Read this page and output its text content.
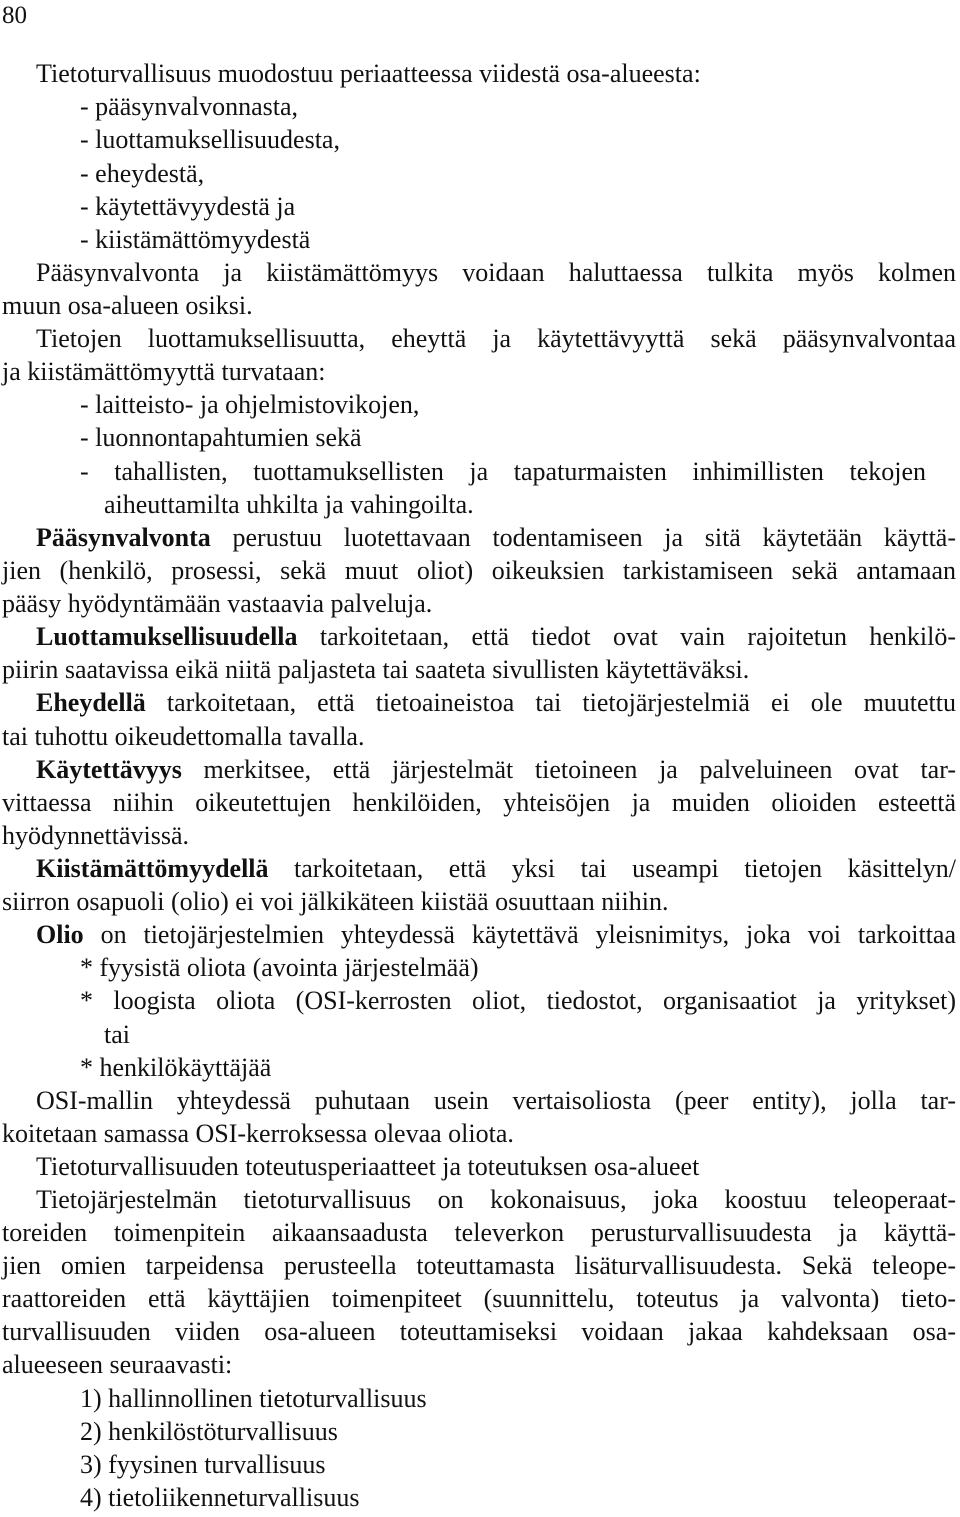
80
Tietoturvallisuus muodostuu periaatteessa viidestä osa-alueesta:
- pääsynvalvonnasta,
- luottamuksellisuudesta,
- eheydestä,
- käytettävyydestä ja
- kiistämättömyydestä
Pääsynvalvonta ja kiistämättömyys voidaan haluttaessa tulkita myös kolmen
muun osa-alueen osiksi.
Tietojen luottamuksellisuutta, eheyttä ja käytettävyyttä sekä pääsynvalvontaa
ja kiistämättömyyttä turvataan:
- laitteisto- ja ohjelmistovikojen,
- luonnontapahtumien sekä
- tahallisten, tuottamuksellisten ja tapaturmaisten inhimillisten tekojen
aiheuttamilta uhkilta ja vahingoilta.
Pääsynvalvonta perustuu luotettavaan todentamiseen ja sitä käytetään käyttä-
jien (henkilö, prosessi, sekä muut oliot) oikeuksien tarkistamiseen sekä antamaan
pääsy hyödyntämään vastaavia palveluja.
Luottamuksellisuudella tarkoitetaan, että tiedot ovat vain rajoitetun henkilö-
piirin saatavissa eikä niitä paljasteta tai saateta sivullisten käytettäväksi.
Eheydellä tarkoitetaan, että tietoaineistoa tai tietojärjestelmiä ei ole muutettu
tai tuhottu oikeudettomalla tavalla.
Käytettävyys merkitsee, että järjestelmät tietoineen ja palveluineen ovat tar-
vittaessa niihin oikeutettujen henkilöiden, yhteisöjen ja muiden olioiden esteettä
hyödynnettävissä.
Kiistämättömyydellä tarkoitetaan, että yksi tai useampi tietojen käsittelyn/
siirron osapuoli (olio) ei voi jälkikäteen kiistää osuuttaan niihin.
Olio on tietojärjestelmien yhteydessä käytettävä yleisnimitys, joka voi tarkoittaa
* fyysistä oliota (avointa järjestelmää)
* loogista oliota (OSI-kerrosten oliot, tiedostot, organisaatiot ja yritykset)
tai
* henkilökäyttäjää
OSI-mallin yhteydessä puhutaan usein vertaisoliosta (peer entity), jolla tar-
koitetaan samassa OSI-kerroksessa olevaa oliota.
Tietoturvallisuuden toteutusperiaatteet ja toteutuksen osa-alueet
Tietojärjestelmän tietoturvallisuus on kokonaisuus, joka koostuu teleoperaat-
toreiden toimenpitein aikaansaadusta televerkon perusturvallisuudesta ja käyttä-
jien omien tarpeidensa perusteella toteuttamasta lisäturvallisuudesta. Sekä teleope-
raattoreiden että käyttäjien toimenpiteet (suunnittelu, toteutus ja valvonta) tieto-
turvallisuuden viiden osa-alueen toteuttamiseksi voidaan jakaa kahdeksaan osa-
alueeseen seuraavasti:
1) hallinnollinen tietoturvallisuus
2) henkilöstöturvallisuus
3) fyysinen turvallisuus
4) tietoliikenneturvallisuus
